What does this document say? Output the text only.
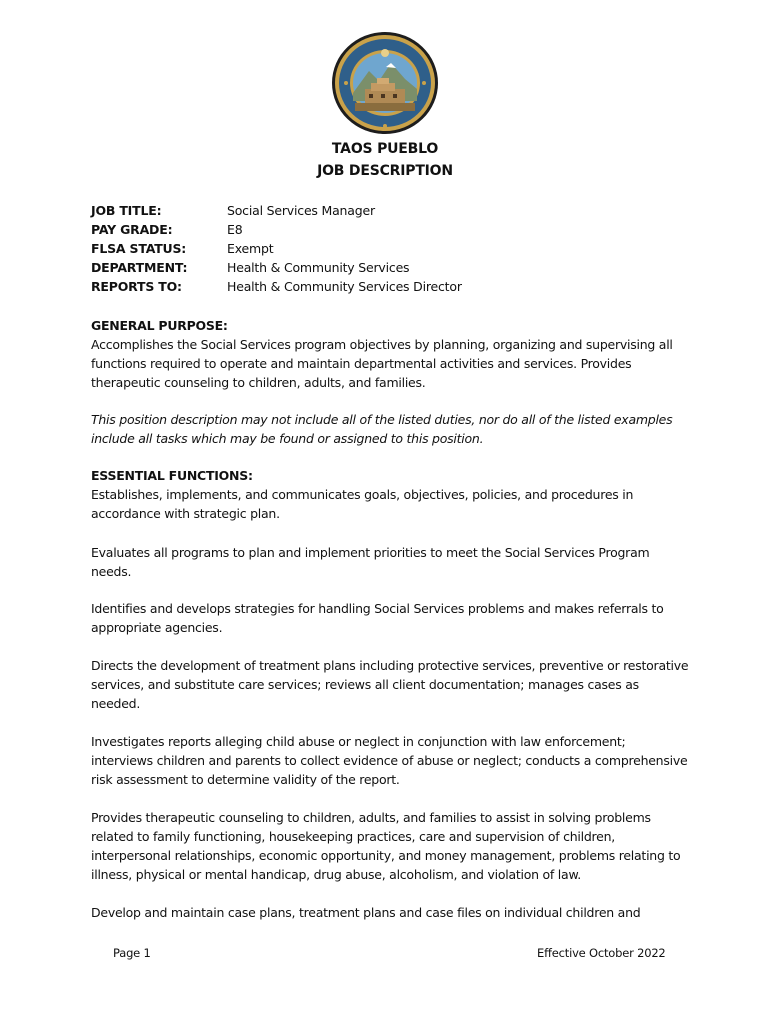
TAOS PUEBLO
JOB DESCRIPTION
JOB TITLE:	Social Services Manager
PAY GRADE:	E8
FLSA STATUS:	Exempt
DEPARTMENT:	Health & Community Services
REPORTS TO:	Health & Community Services Director
GENERAL PURPOSE:
Accomplishes the Social Services program objectives by planning, organizing and supervising all functions required to operate and maintain departmental activities and services. Provides therapeutic counseling to children, adults, and families.
This position description may not include all of the listed duties, nor do all of the listed examples include all tasks which may be found or assigned to this position.
ESSENTIAL FUNCTIONS:
Establishes, implements, and communicates goals, objectives, policies, and procedures in accordance with strategic plan.
Evaluates all programs to plan and implement priorities to meet the Social Services Program needs.
Identifies and develops strategies for handling Social Services problems and makes referrals to appropriate agencies.
Directs the development of treatment plans including protective services, preventive or restorative services, and substitute care services; reviews all client documentation; manages cases as needed.
Investigates reports alleging child abuse or neglect in conjunction with law enforcement; interviews children and parents to collect evidence of abuse or neglect; conducts a comprehensive risk assessment to determine validity of the report.
Provides therapeutic counseling to children, adults, and families to assist in solving problems related to family functioning, housekeeping practices, care and supervision of children, interpersonal relationships, economic opportunity, and money management, problems relating to illness, physical or mental handicap, drug abuse, alcoholism, and violation of law.
Develop and maintain case plans, treatment plans and case files on individual children and
Page 1	Effective October 2022
